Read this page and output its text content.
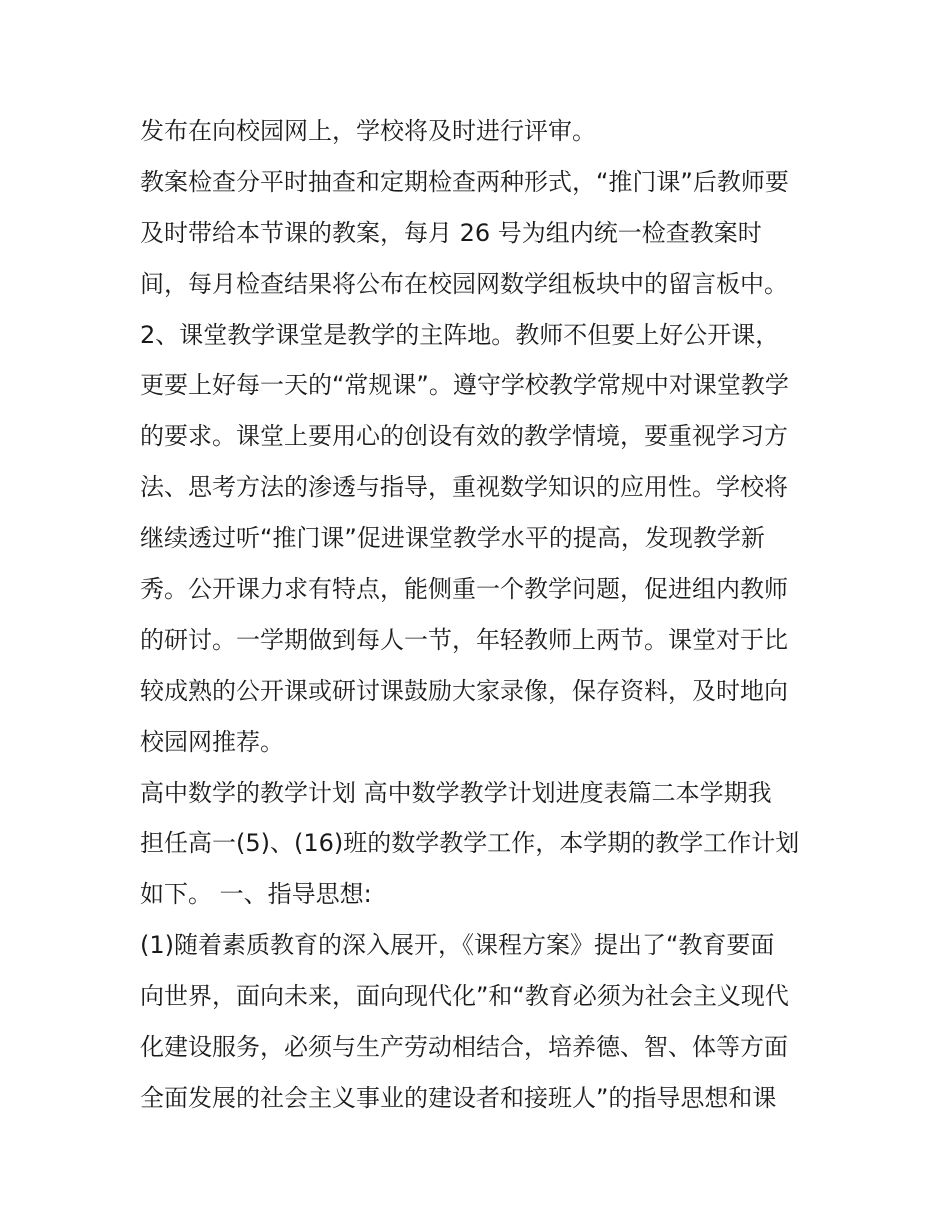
发布在向校园网上，学校将及时进行评审。
教案检查分平时抽查和定期检查两种形式，“推门课”后教师要
及时带给本节课的教案，每月 26 号为组内统一检查教案时
间，每月检查结果将公布在校园网数学组板块中的留言板中。
2、课堂教学课堂是教学的主阵地。教师不但要上好公开课，
更要上好每一天的“常规课”。遵守学校教学常规中对课堂教学
的要求。课堂上要用心的创设有效的教学情境，要重视学习方
法、思考方法的渗透与指导，重视数学知识的应用性。学校将
继续透过听“推门课”促进课堂教学水平的提高，发现教学新
秀。公开课力求有特点，能侧重一个教学问题，促进组内教师
的研讨。一学期做到每人一节，年轻教师上两节。课堂对于比
较成熟的公开课或研讨课鼓励大家录像，保存资料，及时地向
校园网推荐。
高中数学的教学计划 高中数学教学计划进度表篇二本学期我
担任高一(5)、(16)班的数学教学工作，本学期的教学工作计划
如下。 一、指导思想:
(1)随着素质教育的深入展开，《课程方案》提出了“教育要面
向世界，面向未来，面向现代化”和“教育必须为社会主义现代
化建设服务，必须与生产劳动相结合，培养德、智、体等方面
全面发展的社会主义事业的建设者和接班人”的指导思想和课
